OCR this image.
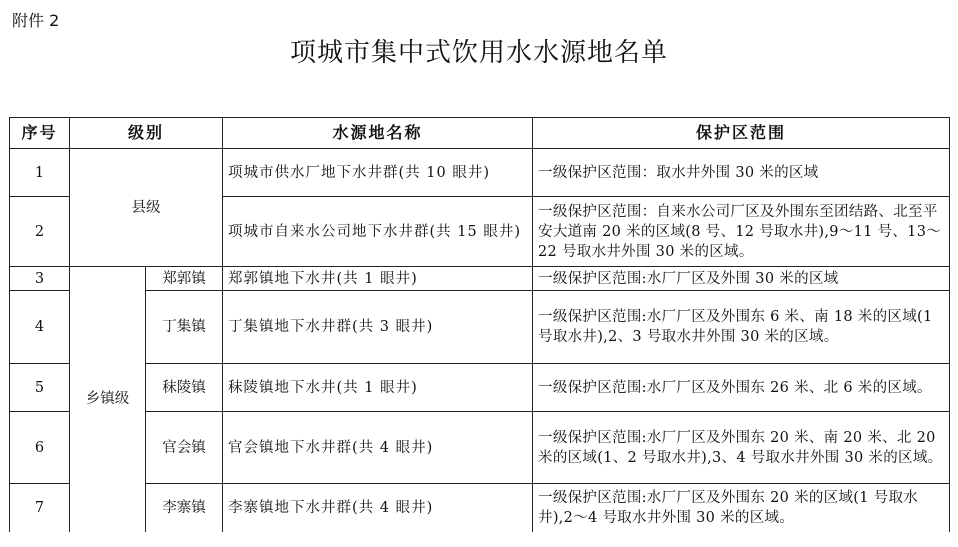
附件 2
项城市集中式饮用水水源地名单
序号	级别		水源地名称	保护区范围
1	县级		项城市供水厂地下水井群(共 10 眼井)	一级保护区范围：取水井外围 30 米的区域
2			项城市自来水公司地下水井群(共 15 眼井)	一级保护区范围：自来水公司厂区及外围东至团结路、北至平安大道南 20 米的区域(8 号、12 号取水井),9～11 号、13～22 号取水井外围 30 米的区域。
3	乡镇级	郑郭镇	郑郭镇地下水井(共 1 眼井)	一级保护区范围:水厂厂区及外围 30 米的区域
4		丁集镇	丁集镇地下水井群(共 3 眼井)	一级保护区范围:水厂厂区及外围东 6 米、南 18 米的区域(1 号取水井),2、3 号取水井外围 30 米的区域。
5		秣陵镇	秣陵镇地下水井(共 1 眼井)	一级保护区范围:水厂厂区及外围东 26 米、北 6 米的区域。
6		官会镇	官会镇地下水井群(共 4 眼井)	一级保护区范围:水厂厂区及外围东 20 米、南 20 米、北 20 米的区域(1、2 号取水井),3、4 号取水井外围 30 米的区域。
7		李寨镇	李寨镇地下水井群(共 4 眼井)	一级保护区范围:水厂厂区及外围东 20 米的区域(1 号取水井),2～4 号取水井外围 30 米的区域。
